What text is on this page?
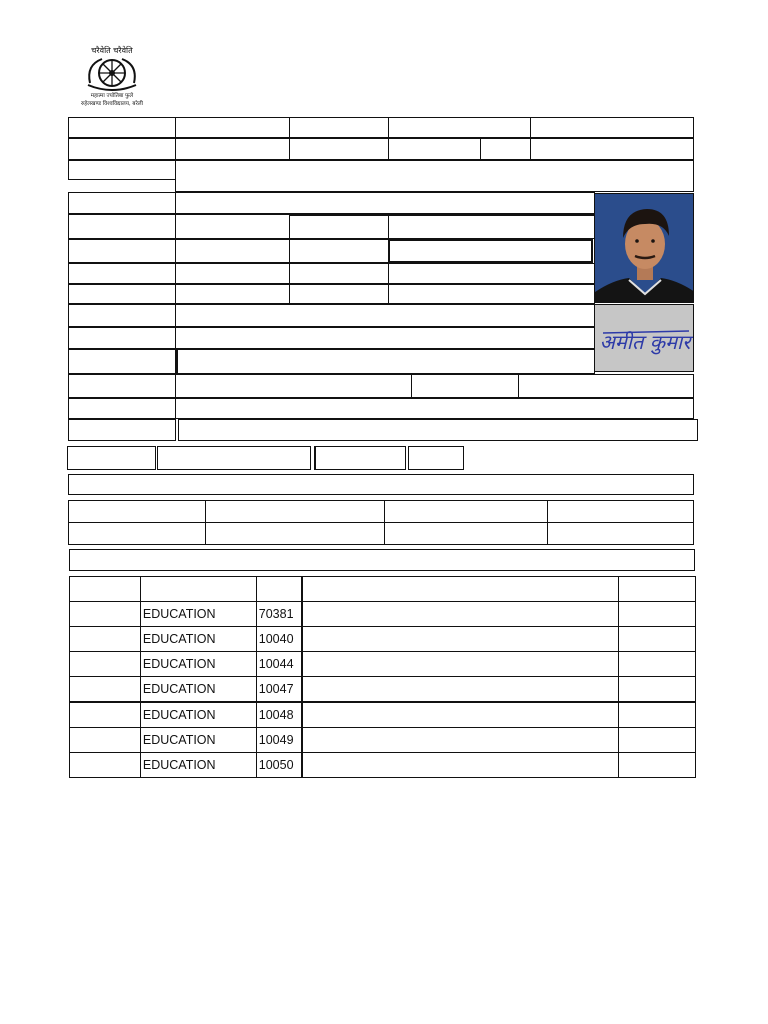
चरैवेति चरैवेति
महात्मा ज्योतिबा फुले
रुहेलखण्ड विश्वविद्यालय, बरेली
अमीत कुमार

	EDUCATION	70381		
	EDUCATION	10040		
	EDUCATION	10044		
	EDUCATION	10047		
	EDUCATION	10048		
	EDUCATION	10049		
	EDUCATION	10050		
